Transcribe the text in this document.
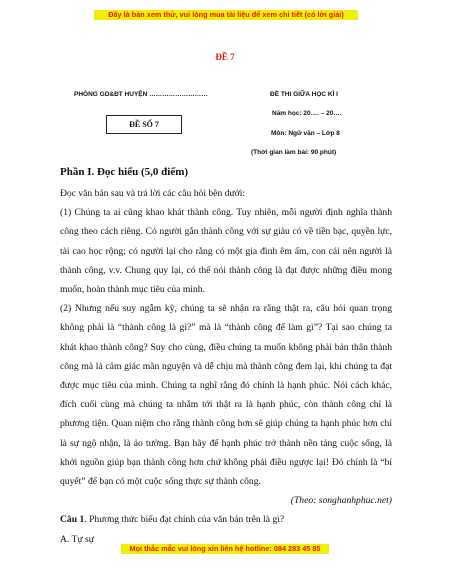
Đây là bản xem thử, vui lòng mua tài liệu để xem chi tiết (có lời giải)
ĐỀ 7
PHÒNG GD&ĐT HUYỆN ………………………
ĐỀ SỐ 7
ĐỀ THI GIỮA HỌC KÌ I
Năm học: 20…. – 20….
Môn: Ngữ văn – Lớp 8
(Thời gian làm bài: 90 phút)
Phần I. Đọc hiểu (5,0 điểm)
Đọc văn bản sau và trả lời các câu hỏi bên dưới:
(1) Chúng ta ai cũng khao khát thành công. Tuy nhiên, mỗi người định nghĩa thành công theo cách riêng. Có người gắn thành công với sự giàu có về tiền bạc, quyền lực, tài cao học rộng; có người lại cho rằng có một gia đình êm ấm, con cái nên người là thành công, v.v. Chung quy lại, có thể nói thành công là đạt được những điều mong muốn, hoàn thành mục tiêu của mình.
(2) Nhưng nếu suy ngẫm kỹ, chúng ta sẽ nhận ra rằng thật ra, câu hỏi quan trọng không phải là “thành công là gì?” mà là “thành công để làm gì”? Tại sao chúng ta khát khao thành công? Suy cho cùng, điều chúng ta muốn không phải bản thân thành công mà là cảm giác mãn nguyện và dễ chịu mà thành công đem lại, khi chúng ta đạt được mục tiêu của mình. Chúng ta nghĩ rằng đó chính là hạnh phúc. Nói cách khác, đích cuối cùng mà chúng ta nhắm tới thật ra là hạnh phúc, còn thành công chỉ là phương tiện. Quan niệm cho rằng thành công hơn sẽ giúp chúng ta hạnh phúc hơn chỉ là sự ngộ nhận, là ảo tưởng. Bạn hãy để hạnh phúc trở thành nền tảng cuộc sống, là khởi nguồn giúp bạn thành công hơn chứ không phải điều ngược lại! Đó chính là “bí quyết” để bạn có một cuộc sống thực sự thành công.
(Theo: songhanhphuc.net)
Câu 1. Phương thức biểu đạt chính của văn bản trên là gì?
A. Tự sự
Mọi thắc mắc vui lòng xin liên hệ hotline: 084 283 45 85
